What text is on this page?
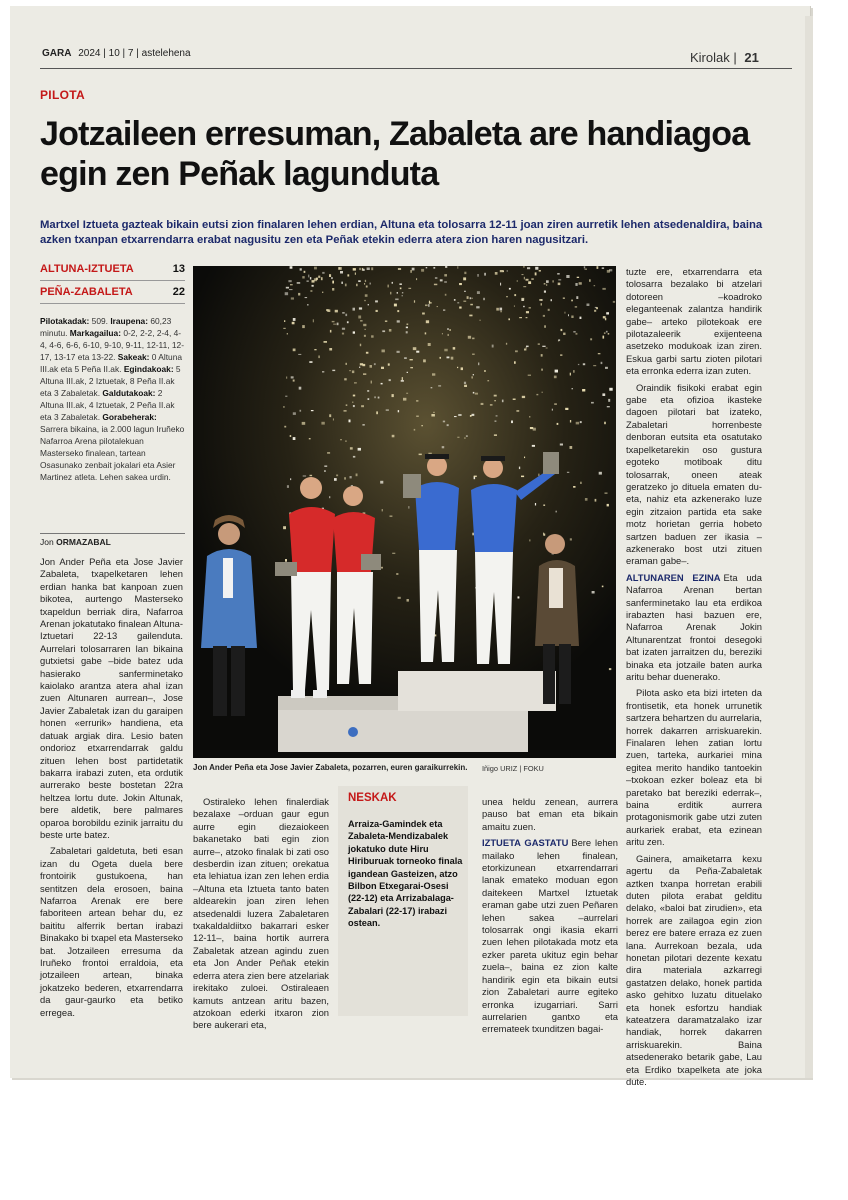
GARA 2024 | 10 | 7 | astelehena	Kirolak | 21
PILOTA
Jotzaileen erresuman, Zabaleta are handiagoa egin zen Peñak lagunduta
Martxel Iztueta gazteak bikain eutsi zion finalaren lehen erdian, Altuna eta tolosarra 12-11 joan ziren aurretik lehen atsedenaldira, baina azken txanpan etxarrendarra erabat nagusitu zen eta Peñak etekin ederra atera zion haren nagusitzari.
ALTUNA-IZTUETA	13
PEÑA-ZABALETA	22
Pilotakadak: 509. Iraupena: 60,23 minutu. Markagailua: 0-2, 2-2, 2-4, 4-4, 4-6, 6-6, 6-10, 9-10, 9-11, 12-11, 12-17, 13-17 eta 13-22. Sakeak: 0 Altuna III.ak eta 5 Peña II.ak. Egindakoak: 5 Altuna III.ak, 2 Iztuetak, 8 Peña II.ak eta 3 Zabaletak. Galdutakoak: 2 Altuna III.ak, 4 Iztuetak, 2 Peña II.ak eta 3 Zabaletak. Gorabeherak: Sarrera bikaina, ia 2.000 lagun Iruñeko Nafarroa Arena pilotalekuan Masterseko finalean, tartean Osasunako zenbait jokalari eta Asier Martinez atleta. Lehen sakea urdin.
Jon ORMAZABAL

Jon Ander Peña eta Jose Javier Zabaleta, txapelketaren lehen erdian hanka bat kanpoan zuen bikotea, aurtengo Masterseko txapeldun berriak dira, Nafarroa Arenan jokatutako finalean Altuna-Iztuetari 22-13 gailenduta. Aurrelari tolosarraren lan bikaina gutxietsi gabe –bide batez uda hasierako sanferminetako kaiolako arantza atera ahal izan zuen Altunaren aurrean–, Jose Javier Zabaletak izan du garaipen honen «errurik» handiena, eta datuak argiak dira. Lesio baten ondorioz etxarrendarrak galdu zituen lehen bost partidetatik bakarra irabazi zuten, eta ordutik aurrerako beste bostetan 22ra heltzea lortu dute. Jokin Altunak, bere aldetik, bere palmares oparoa borobildu ezinik jarraitu du beste urte batez.

Zabaletari galdetuta, beti esan izan du Ogeta duela bere frontoirik gustukoena, han sentitzen dela erosoen, baina Nafarroa Arenak ere bere faboriteen artean behar du, ez baititu alferrik bertan irabazi Binakako bi txapel eta Masterseko bat. Jotzaileen erresuma da Iruñeko frontoi erraldoia, eta jotzaileen artean, binaka jokatzeko bederen, etxarrendarra da gaur-gaurko eta betiko erregea.

Jon Ander Peña eta Jose Javier Zabaleta, pozarren, euren garaikurrekin.	Iñigo URIZ | FOKU

Ostiraleko lehen finalerdiak bezalaxe –orduan gaur egun aurre egin diezaiokeen bakanetako bati egin zion aurre–, atzoko finalak bi zati oso desberdin izan zituen; orekatua eta lehiatua izan zen lehen erdia –Altuna eta Iztueta tanto baten aldearekin joan ziren lehen atsedenaldi luzera Zabaletaren txakaldaldiitxo bakarrari esker 12-11–, baina hortik aurrera Zabaletak atzean agindu zuen eta Jon Ander Peñak etekin ederra atera zien bere atzelariak irekitako zuloei. Ostiraleaen kamuts antzean aritu bazen, atzokoan ederki itxaron zion bere aukerari eta,

NESKAK
Arraiza-Gamindek eta Zabaleta-Mendizabalek jokatuko dute Hiru Hiriburuak torneoko finala igandean Gasteizen, atzo Bilbon Etxegarai-Osesi (22-12) eta Arrizabalaga-Zabalari (22-17) irabazi ostean.

unea heldu zenean, aurrera pauso bat eman eta bikain amaitu zuen.

IZTUETA GASTATU Bere lehen mailako lehen finalean, etorkizunean etxarrendarrari lanak emateko moduan egon daitekeen Martxel Iztuetak eraman gabe utzi zuen Peñaren lehen sakea –aurrelari tolosarrak ongi ikasia ekarri zuen lehen pilotakada motz eta ezker pareta ukituz egin behar zuela–, baina ez zion kalte handirik egin eta bikain eutsi zion Zabaletari aurre egiteko erronka izugarriari. Sarri aurrelarien gantxo eta erremateek txunditzen bagai-

tuzte ere, etxarrendarra eta tolosarra bezalako bi atzelari dotoreen –koadroko eleganteenak zalantza handirik gabe– arteko pilotekoak ere pilotazaleerik exijenteena asetzeko modukoak izan ziren. Eskua garbi sartu zioten pilotari eta erronka ederra izan zuten.

Oraindik fisikoki erabat egin gabe eta ofizioa ikasteke dagoen pilotari bat izateko, Zabaletari horrenbeste denboran eutsita eta osatutako txapelketarekin oso gustura egoteko motiboak ditu tolosarrak, oneen ateak geratzeko jo dituela ematen du-eta, nahiz eta azkenerako luze egin zitzaion partida eta sake motz horietan gerria hobeto sartzen baduen zer ikasia –azkenerako bost utzi zituen eraman gabe–.

ALTUNAREN EZINA Eta uda Nafarroa Arenan bertan sanferminetako lau eta erdikoa irabazten hasi bazuen ere, Nafarroa Arenak Jokin Altunarentzat frontoi desegoki bat izaten jarraitzen du, bereziki binaka eta jotzaile baten aurka aritu behar duenerako.

Pilota asko eta bizi irteten da frontisetik, eta honek urrunetik sartzera behartzen du aurrelaria, horrek dakarren arriskuarekin. Finalaren lehen zatian lortu zuen, tarteka, aurkariei mina egitea merito handiko tantoekin –txokoan ezker boleaz eta bi paretako bat bereziki ederrak–, baina erditik aurrera protagonismorik gabe utzi zuten aurkariek erabat, eta ezinean aritu zen.

Gainera, amaiketarra kexu agertu da Peña-Zabaletak aztken txanpa horretan erabili duten pilota erabat gelditu delako, «baloi bat zirudien», eta horrek are zailagoa egin zion berez ere batere erraza ez zuen lana. Aurrekoan bezala, uda honetan pilotari dezente kexatu dira materiala azkarregi gastatzen delako, honek partida asko gehitxo luzatu dituelako eta honek esfortzu handiak kateatzera daramatzalako izar handiak, horrek dakarren arriskuarekin. Baina atsedenerako betarik gabe, Lau eta Erdiko txapelketa ate joka dute.
